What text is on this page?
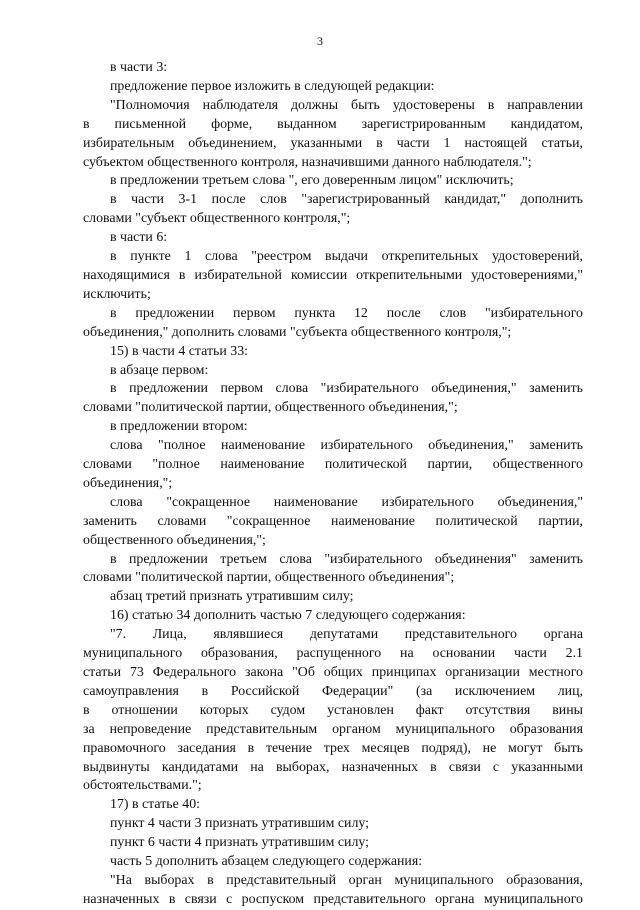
3
в части 3:
предложение первое изложить в следующей редакции:
"Полномочия наблюдателя должны быть удостоверены в направлении
в письменной форме, выданном зарегистрированным кандидатом,
избирательным объединением, указанными в части 1 настоящей статьи,
субъектом общественного контроля, назначившими данного наблюдателя.";
в предложении третьем слова ", его доверенным лицом" исключить;
в части 3-1 после слов "зарегистрированный кандидат," дополнить
словами "субъект общественного контроля,";
в части 6:
в пункте 1 слова "реестром выдачи открепительных удостоверений,
находящимися в избирательной комиссии открепительными удостоверениями,"
исключить;
в предложении первом пункта 12 после слов "избирательного
объединения," дополнить словами "субъекта общественного контроля,";
15) в части 4 статьи 33:
в абзаце первом:
в предложении первом слова "избирательного объединения," заменить
словами "политической партии, общественного объединения,";
в предложении втором:
слова "полное наименование избирательного объединения," заменить
словами "полное наименование политической партии, общественного
объединения,";
слова "сокращенное наименование избирательного объединения,"
заменить словами "сокращенное наименование политической партии,
общественного объединения,";
в предложении третьем слова "избирательного объединения" заменить
словами "политической партии, общественного объединения";
абзац третий признать утратившим силу;
16) статью 34 дополнить частью 7 следующего содержания:
"7. Лица, являвшиеся депутатами представительного органа
муниципального образования, распущенного на основании части 2.1
статьи 73 Федерального закона "Об общих принципах организации местного
самоуправления в Российской Федерации" (за исключением лиц,
в отношении которых судом установлен факт отсутствия вины
за непроведение представительным органом муниципального образования
правомочного заседания в течение трех месяцев подряд), не могут быть
выдвинуты кандидатами на выборах, назначенных в связи с указанными
обстоятельствами.";
17) в статье 40:
пункт 4 части 3 признать утратившим силу;
пункт 6 части 4 признать утратившим силу;
часть 5 дополнить абзацем следующего содержания:
"На выборах в представительный орган муниципального образования,
назначенных в связи с роспуском представительного органа муниципального
